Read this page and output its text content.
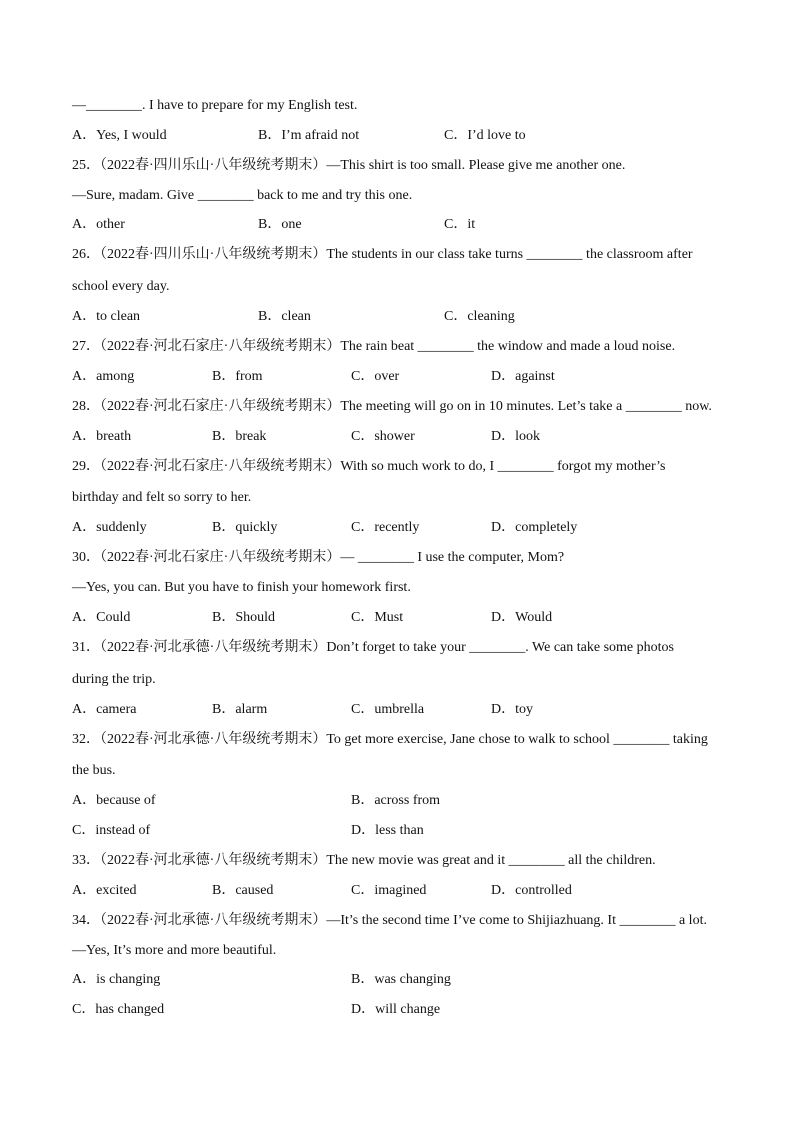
—________. I have to prepare for my English test.
A．Yes, I would	B．I’m afraid not	C．I’d love to
25．（2022春·四川乐山·八年级统考期末）—This shirt is too small. Please give me another one.
—Sure, madam. Give ________ back to me and try this one.
A．other	B．one	C．it
26．（2022春·四川乐山·八年级统考期末）The students in our class take turns ________ the classroom after
school every day.
A．to clean	B．clean	C．cleaning
27．（2022春·河北石家庄·八年级统考期末）The rain beat ________ the window and made a loud noise.
A．among	B．from	C．over	D．against
28．（2022春·河北石家庄·八年级统考期末）The meeting will go on in 10 minutes. Let’s take a ________ now.
A．breath	B．break	C．shower	D．look
29．（2022春·河北石家庄·八年级统考期末）With so much work to do, I ________ forgot my mother’s
birthday and felt so sorry to her.
A．suddenly	B．quickly	C．recently	D．completely
30．（2022春·河北石家庄·八年级统考期末）— ________ I use the computer, Mom?
—Yes, you can. But you have to finish your homework first.
A．Could	B．Should	C．Must	D．Would
31．（2022春·河北承德·八年级统考期末）Don’t forget to take your ________. We can take some photos
during the trip.
A．camera	B．alarm	C．umbrella	D．toy
32．（2022春·河北承德·八年级统考期末）To get more exercise, Jane chose to walk to school ________ taking
the bus.
A．because of	B．across from
C．instead of	D．less than
33．（2022春·河北承德·八年级统考期末）The new movie was great and it ________ all the children.
A．excited	B．caused	C．imagined	D．controlled
34．（2022春·河北承德·八年级统考期末）—It’s the second time I’ve come to Shijiazhuang. It ________ a lot.
—Yes, It’s more and more beautiful.
A．is changing	B．was changing
C．has changed	D．will change
